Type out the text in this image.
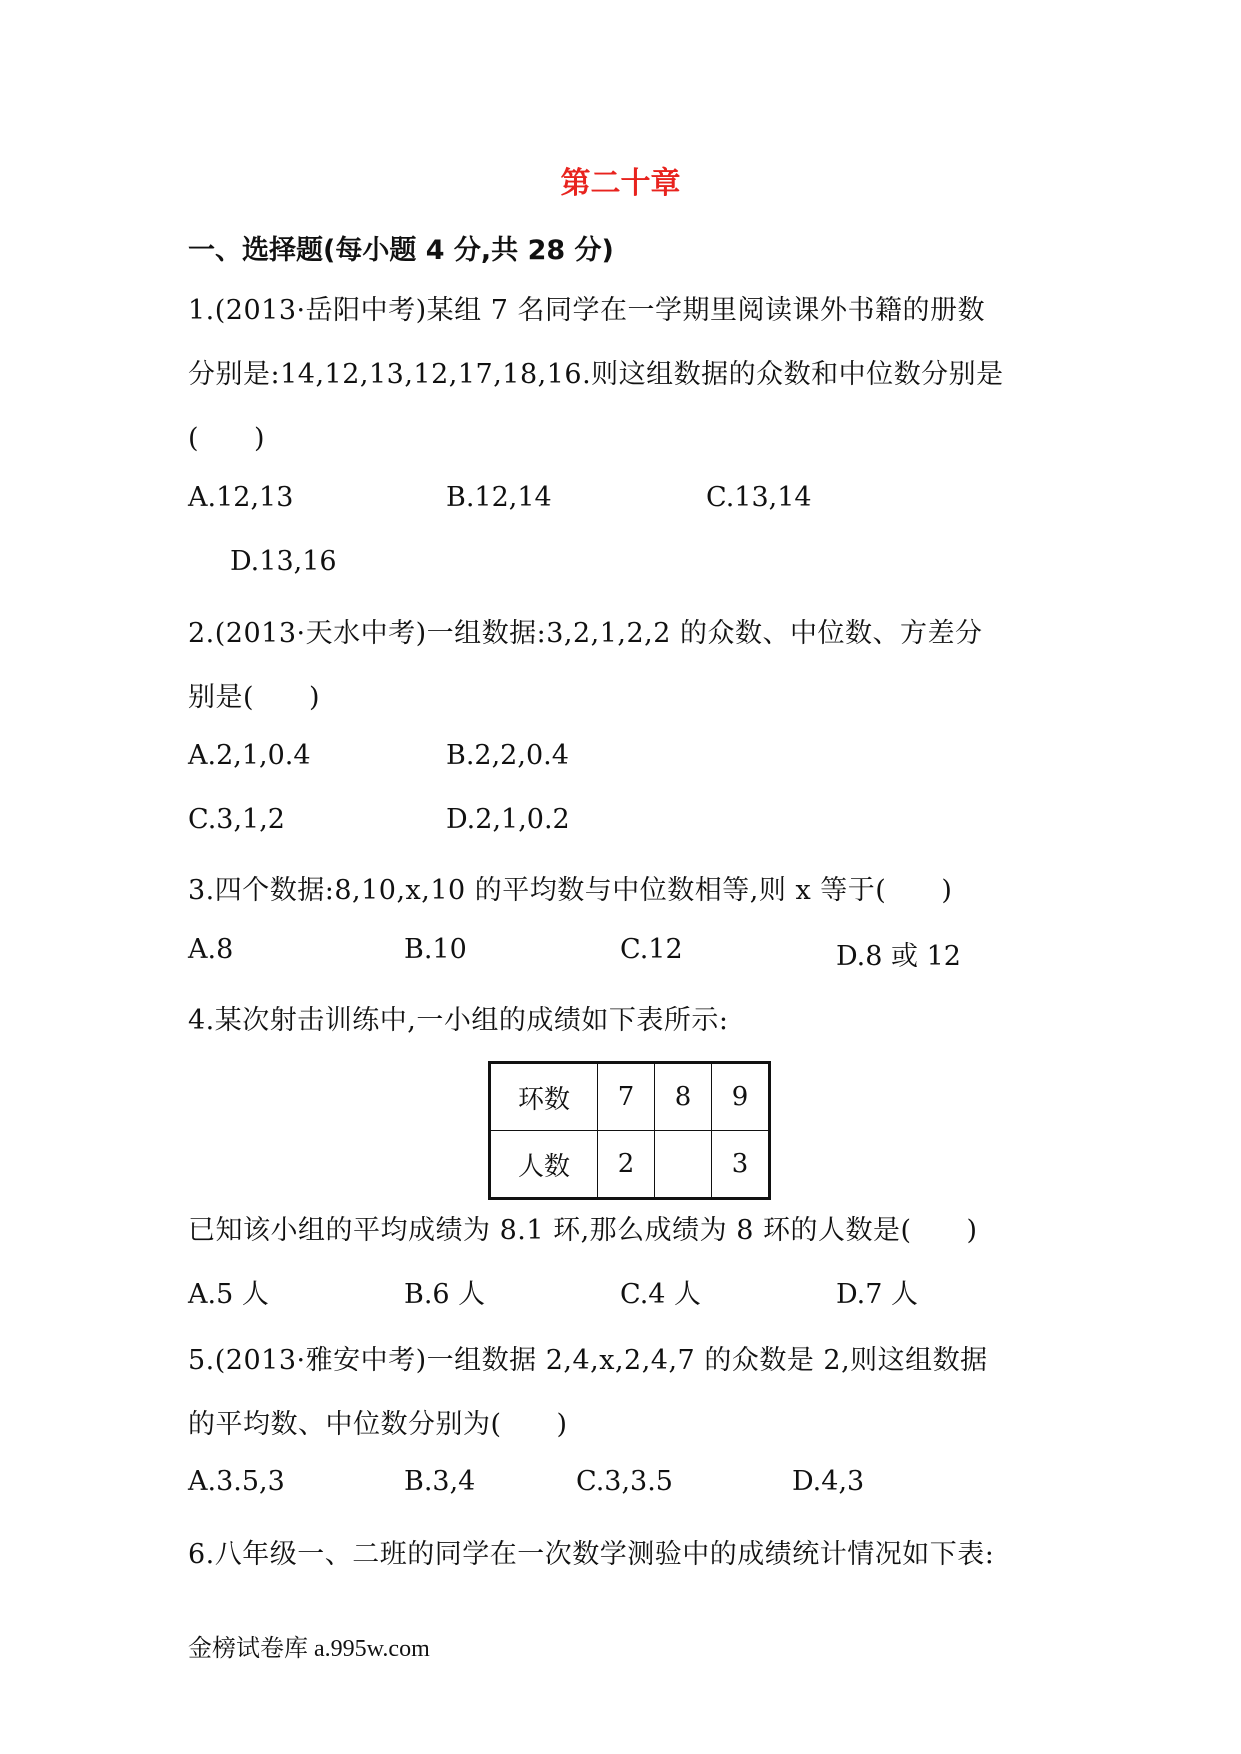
第二十章
一、选择题(每小题 4 分,共 28 分)
1.(2013·岳阳中考)某组 7 名同学在一学期里阅读课外书籍的册数
分别是:14,12,13,12,17,18,16.则这组数据的众数和中位数分别是
(　　)
A.12,13	B.12,14	C.13,14
D.13,16
2.(2013·天水中考)一组数据:3,2,1,2,2 的众数、中位数、方差分
别是(　　)
A.2,1,0.4	B.2,2,0.4
C.3,1,2	D.2,1,0.2
3.四个数据:8,10,x,10 的平均数与中位数相等,则 x 等于(　　)
A.8	B.10	C.12	D.8 或 12
4.某次射击训练中,一小组的成绩如下表所示:
环数	7	8	9
人数	2		3
已知该小组的平均成绩为 8.1 环,那么成绩为 8 环的人数是(　　)
A.5 人	B.6 人	C.4 人	D.7 人
5.(2013·雅安中考)一组数据 2,4,x,2,4,7 的众数是 2,则这组数据
的平均数、中位数分别为(　　)
A.3.5,3	B.3,4	C.3,3.5	D.4,3
6.八年级一、二班的同学在一次数学测验中的成绩统计情况如下表:
金榜试卷库 a.995w.com
